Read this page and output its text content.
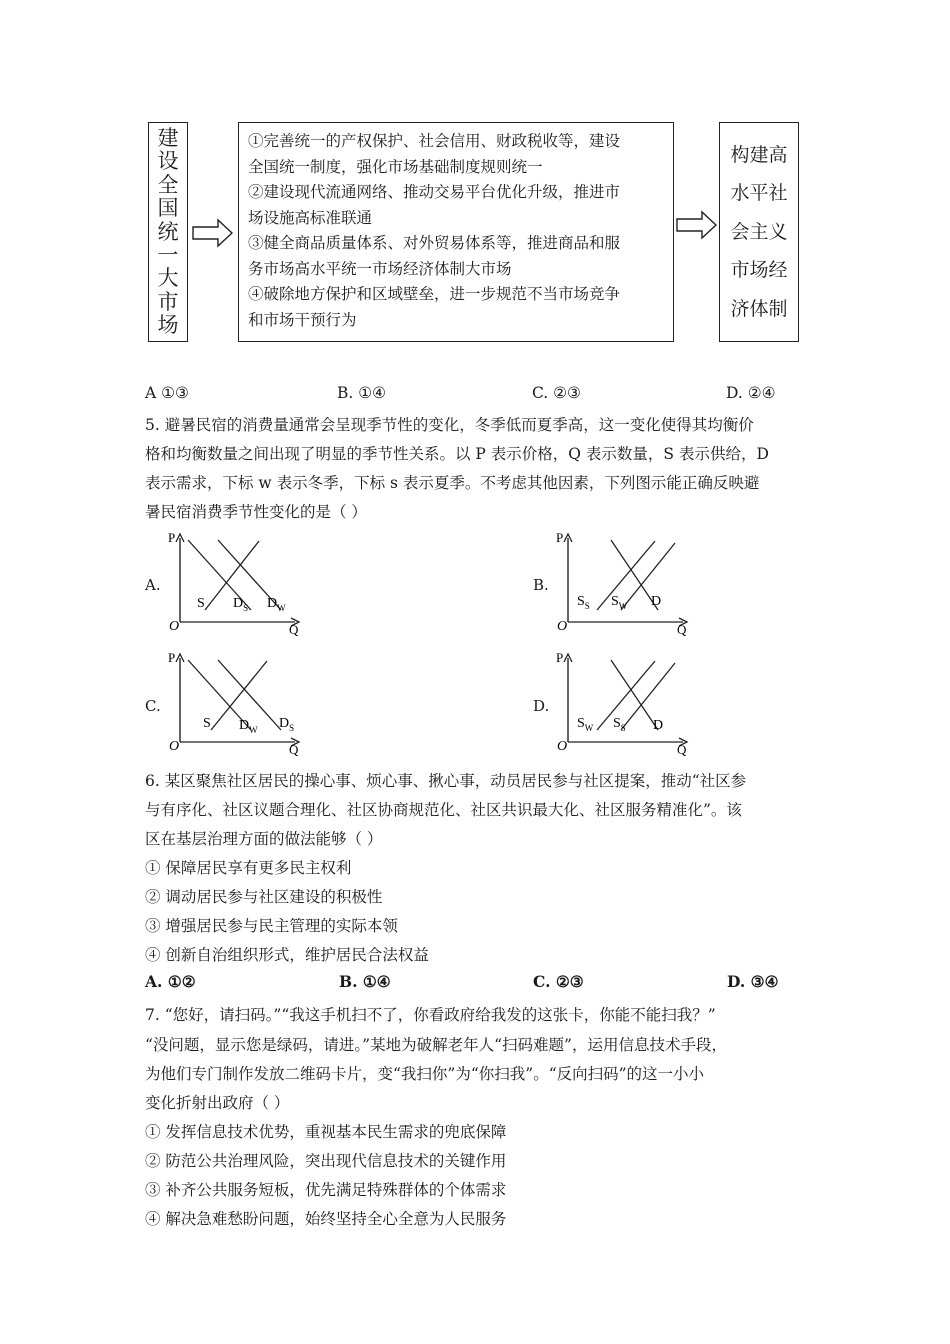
建
设
全
国
统
一
大
市
场
①完善统一的产权保护、社会信用、财政税收等，建设
全国统一制度，强化市场基础制度规则统一
②建设现代流通网络、推动交易平台优化升级，推进市
场设施高标准联通
③健全商品质量体系、对外贸易体系等，推进商品和服
务市场高水平统一市场经济体制大市场
④破除地方保护和区域壁垒，进一步规范不当市场竞争
和市场干预行为
构建高
水平社
会主义
市场经
济体制
A ①③	B. ①④	C. ②③	D. ②④
5. 避暑民宿的消费量通常会呈现季节性的变化，冬季低而夏季高，这一变化使得其均衡价
格和均衡数量之间出现了明显的季节性关系。以 P 表示价格，Q 表示数量，S 表示供给，D
表示需求，下标 w 表示冬季，下标 s 表示夏季。不考虑其他因素，下列图示能正确反映避
暑民宿消费季节性变化的是（ ）
A.
P
O	Q
S $D_S$ $D_W$
B.
P
O	Q
$S_S$ $S_W$ D
C.
P
O	Q
S $D_W$ $D_S$
D.
P
O	Q
$S_W$ $S_S$ D
6. 某区聚焦社区居民的操心事、烦心事、揪心事，动员居民参与社区提案，推动“社区参
与有序化、社区议题合理化、社区协商规范化、社区共识最大化、社区服务精准化”。该
区在基层治理方面的做法能够（ ）
① 保障居民享有更多民主权利
② 调动居民参与社区建设的积极性
③ 增强居民参与民主管理的实际本领
④ 创新自治组织形式，维护居民合法权益
A. ①②	B. ①④	C. ②③	D. ③④
7. “您好，请扫码。”“我这手机扫不了，你看政府给我发的这张卡，你能不能扫我？”
“没问题，显示您是绿码，请进。”某地为破解老年人“扫码难题”，运用信息技术手段，
为他们专门制作发放二维码卡片，变“我扫你”为“你扫我”。“反向扫码”的这一小小
变化折射出政府（ ）
① 发挥信息技术优势，重视基本民生需求的兜底保障
② 防范公共治理风险，突出现代信息技术的关键作用
③ 补齐公共服务短板，优先满足特殊群体的个体需求
④ 解决急难愁盼问题，始终坚持全心全意为人民服务
